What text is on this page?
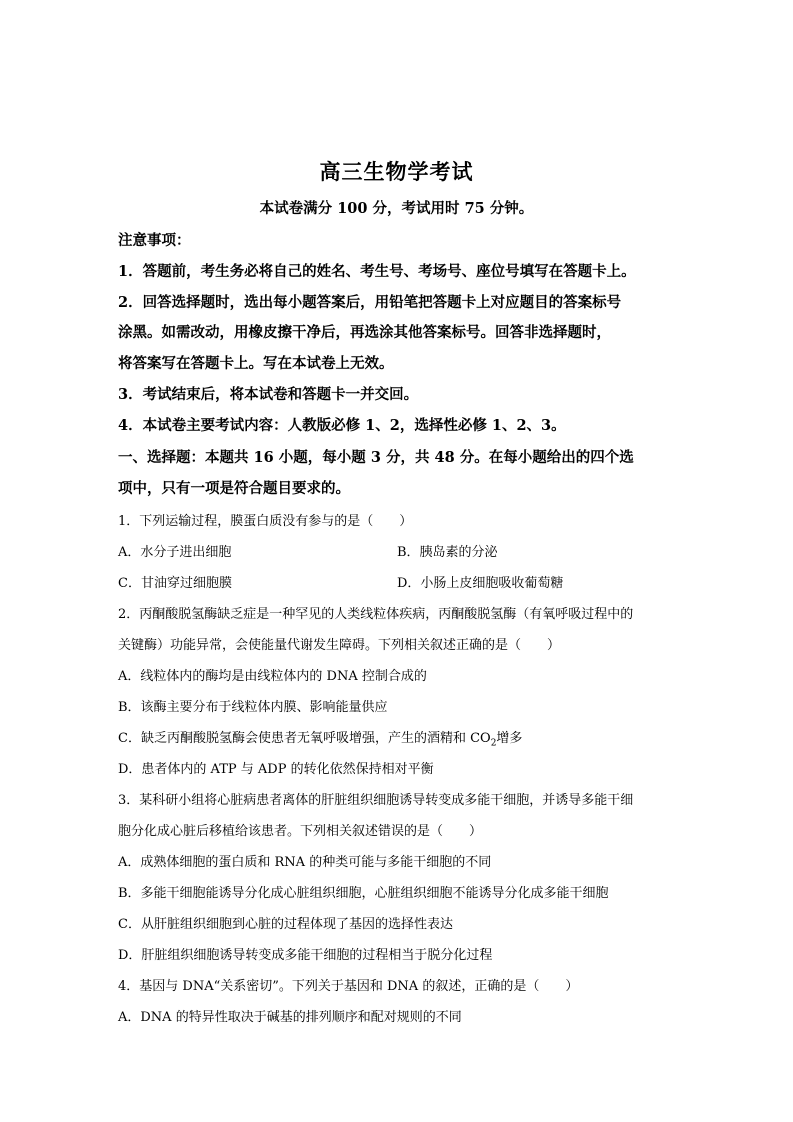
高三生物学考试
本试卷满分 100 分，考试用时 75 分钟。
注意事项：
1．答题前，考生务必将自己的姓名、考生号、考场号、座位号填写在答题卡上。
2．回答选择题时，选出每小题答案后，用铅笔把答题卡上对应题目的答案标号
涂黑。如需改动，用橡皮擦干净后，再选涂其他答案标号。回答非选择题时，
将答案写在答题卡上。写在本试卷上无效。
3．考试结束后，将本试卷和答题卡一并交回。
4．本试卷主要考试内容：人教版必修 1、2，选择性必修 1、2、3。
一、选择题：本题共 16 小题，每小题 3 分，共 48 分。在每小题给出的四个选
项中，只有一项是符合题目要求的。
1．下列运输过程，膜蛋白质没有参与的是（　　）
A．水分子进出细胞	B．胰岛素的分泌
C．甘油穿过细胞膜	D．小肠上皮细胞吸收葡萄糖
2．丙酮酸脱氢酶缺乏症是一种罕见的人类线粒体疾病，丙酮酸脱氢酶（有氧呼吸过程中的
关键酶）功能异常，会使能量代谢发生障碍。下列相关叙述正确的是（　　）
A．线粒体内的酶均是由线粒体内的 DNA 控制合成的
B．该酶主要分布于线粒体内膜、影响能量供应
C．缺乏丙酮酸脱氢酶会使患者无氧呼吸增强，产生的酒精和 $CO_2$增多
D．患者体内的 ATP 与 ADP 的转化依然保持相对平衡
3．某科研小组将心脏病患者离体的肝脏组织细胞诱导转变成多能干细胞，并诱导多能干细
胞分化成心脏后移植给该患者。下列相关叙述错误的是（　　）
A．成熟体细胞的蛋白质和 RNA 的种类可能与多能干细胞的不同
B．多能干细胞能诱导分化成心脏组织细胞，心脏组织细胞不能诱导分化成多能干细胞
C．从肝脏组织细胞到心脏的过程体现了基因的选择性表达
D．肝脏组织细胞诱导转变成多能干细胞的过程相当于脱分化过程
4．基因与 DNA“关系密切”。下列关于基因和 DNA 的叙述，正确的是（　　）
A．DNA 的特异性取决于碱基的排列顺序和配对规则的不同
